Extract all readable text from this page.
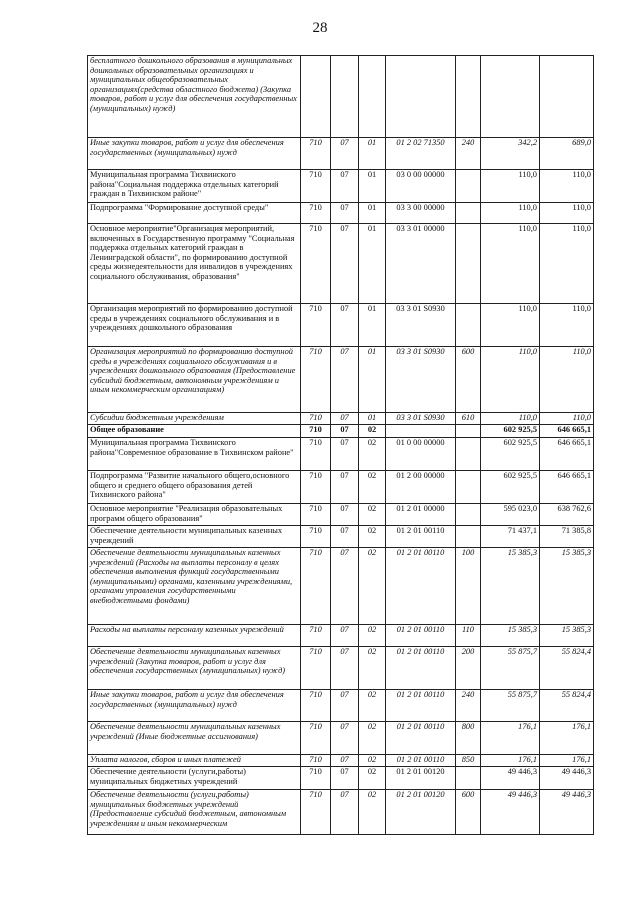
28
бесплатного дошкольного образования в муниципальных дошкольных образовательных организациях и муниципальных общеобразовательных организациях(средства областного бюджета) (Закупка товаров, работ и услуг для обеспечения государственных (муниципальных) нужд)							
Иные закупки товаров, работ и услуг для обеспечения государственных (муниципальных) нужд	710	07	01	01 2 02 71350	240	342,2	689,0
Муниципальная программа Тихвинского района"Социальная поддержка отдельных категорий граждан в Тихвинском районе"	710	07	01	03 0 00 00000		110,0	110,0
Подпрограмма "Формирование доступной среды"	710	07	01	03 3 00 00000		110,0	110,0
Основное мероприятие"Организация мероприятий, включенных в Государственную программу "Социальная поддержка отдельных категорий граждан в Ленинградской области", по формированию доступной среды жизнедеятельности для инвалидов в учреждениях социального обслуживания, образования"	710	07	01	03 3 01 00000		110,0	110,0
Организация мероприятий по формированию доступной среды в учреждениях социального обслуживания и в учреждениях дошкольного образования	710	07	01	03 3 01 S0930		110,0	110,0
Организация мероприятий по формированию доступной среды в учреждениях социального обслуживания и в учреждениях дошкольного образования (Предоставление субсидий бюджетным, автономным учреждениям и иным некоммерческим организациям)	710	07	01	03 3 01 S0930	600	110,0	110,0
Субсидии бюджетным учреждениям	710	07	01	03 3 01 S0930	610	110,0	110,0
Общее образование	710	07	02			602 925,5	646 665,1
Муниципальная программа Тихвинского района"Современное образование в Тихвинском районе"	710	07	02	01 0 00 00000		602 925,5	646 665,1
Подпрограмма "Развитие начального общего,основного общего и среднего общего образования детей Тихвинского района"	710	07	02	01 2 00 00000		602 925,5	646 665,1
Основное мероприятие "Реализация образовательных программ общего образования"	710	07	02	01 2 01 00000		595 023,0	638 762,6
Обеспечение деятельности муниципальных казенных учреждений	710	07	02	01 2 01 00110		71 437,1	71 385,8
Обеспечение деятельности муниципальных казенных учреждений (Расходы на выплаты персоналу в целях обеспечения выполнения функций государственными (муниципальными) органами, казенными учреждениями, органами управления государственными внебюджетными фондами)	710	07	02	01 2 01 00110	100	15 385,3	15 385,3
Расходы на выплаты персоналу казенных учреждений	710	07	02	01 2 01 00110	110	15 385,3	15 385,3
Обеспечение деятельности муниципальных казенных учреждений (Закупка товаров, работ и услуг для обеспечения государственных (муниципальных) нужд)	710	07	02	01 2 01 00110	200	55 875,7	55 824,4
Иные закупки товаров, работ и услуг для обеспечения государственных (муниципальных) нужд	710	07	02	01 2 01 00110	240	55 875,7	55 824,4
Обеспечение деятельности муниципальных казенных учреждений (Иные бюджетные ассигнования)	710	07	02	01 2 01 00110	800	176,1	176,1
Уплата налогов, сборов и иных платежей	710	07	02	01 2 01 00110	850	176,1	176,1
Обеспечение деятельности (услуги,работы) муниципальных бюджетных учреждений	710	07	02	01 2 01 00120		49 446,3	49 446,3
Обеспечение деятельности (услуги,работы) муниципальных бюджетных учреждений (Предоставление субсидий бюджетным, автономным учреждениям и иным некоммерческим	710	07	02	01 2 01 00120	600	49 446,3	49 446,3
